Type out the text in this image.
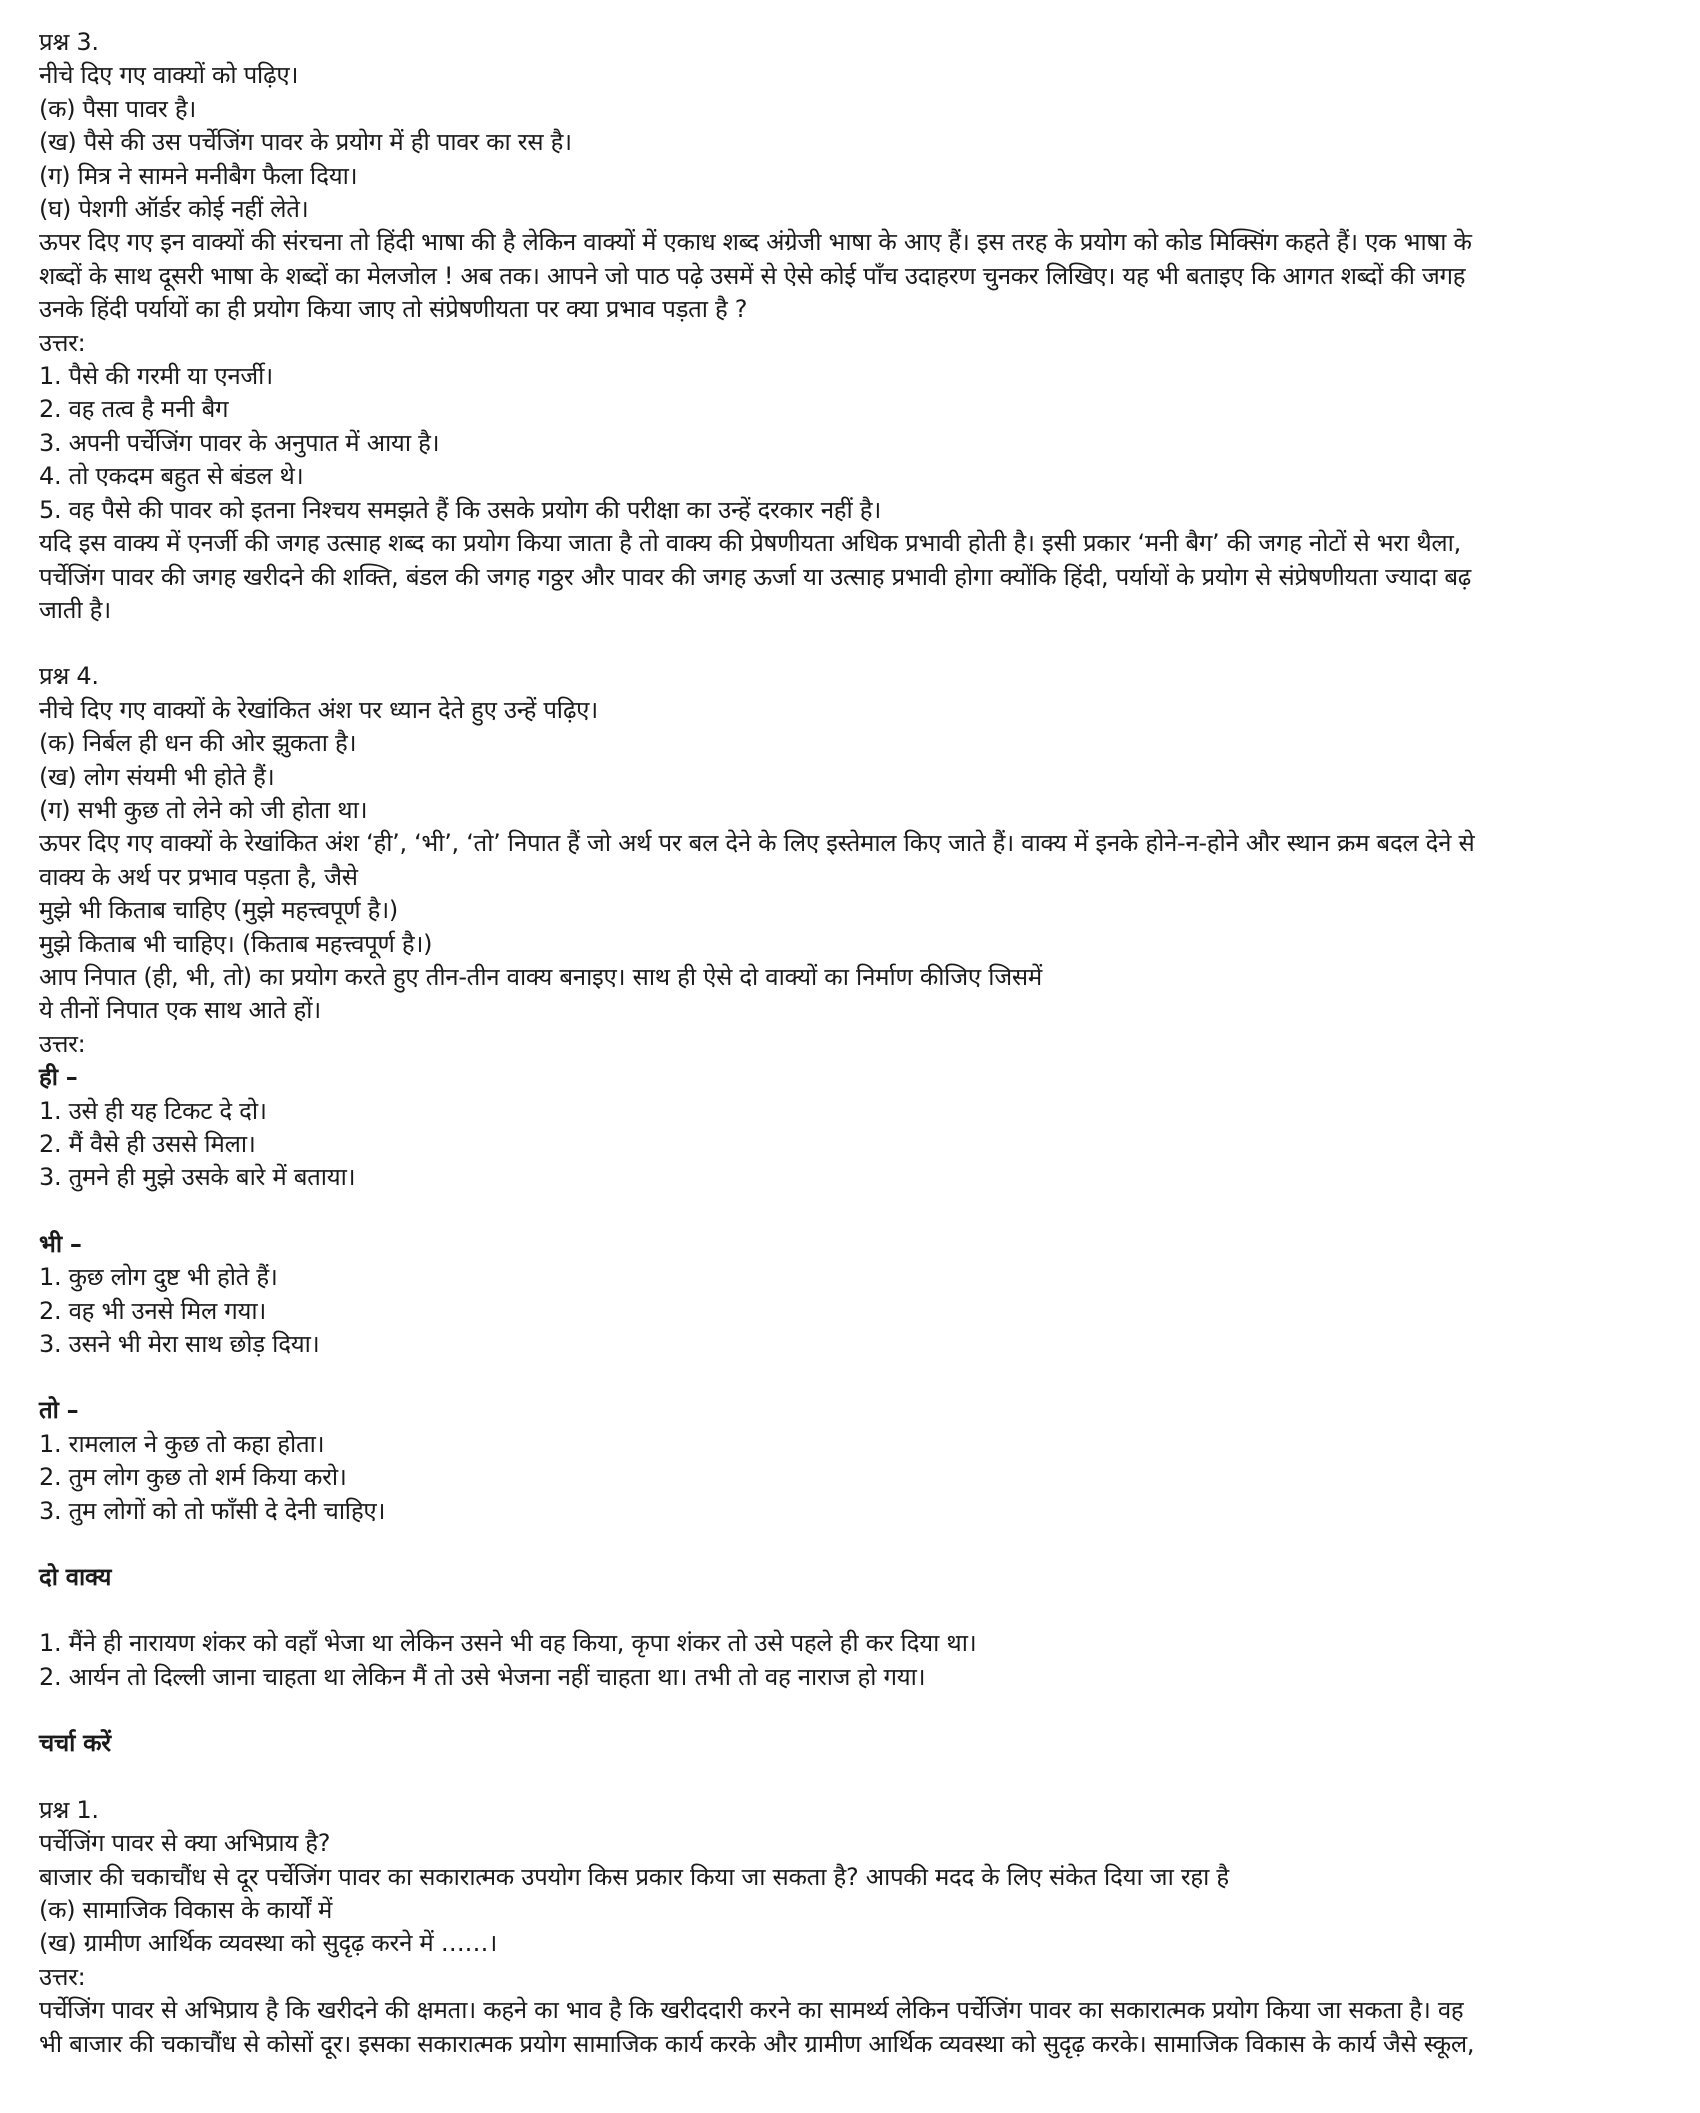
प्रश्न 3.

नीचे दिए गए वाक्यों को पढ़िए।

(क) पैसा पावर है।

(ख) पैसे की उस पर्चेजिंग पावर के प्रयोग में ही पावर का रस है।

(ग) मित्र ने सामने मनीबैग फैला दिया।

(घ) पेशगी ऑर्डर कोई नहीं लेते।

ऊपर दिए गए इन वाक्यों की संरचना तो हिंदी भाषा की है लेकिन वाक्यों में एकाध शब्द अंग्रेजी भाषा के आए हैं। इस तरह के प्रयोग को कोड मिक्सिंग कहते हैं। एक भाषा के

शब्दों के साथ दूसरी भाषा के शब्दों का मेलजोल ! अब तक। आपने जो पाठ पढ़े उसमें से ऐसे कोई पाँच उदाहरण चुनकर लिखिए। यह भी बताइए कि आगत शब्दों की जगह

उनके हिंदी पर्यायों का ही प्रयोग किया जाए तो संप्रेषणीयता पर क्या प्रभाव पड़ता है ?

उत्तर:

1. पैसे की गरमी या एनर्जी।

2. वह तत्व है मनी बैग

3. अपनी पर्चेजिंग पावर के अनुपात में आया है।

4. तो एकदम बहुत से बंडल थे।

5. वह पैसे की पावर को इतना निश्चय समझते हैं कि उसके प्रयोग की परीक्षा का उन्हें दरकार नहीं है।

यदि इस वाक्य में एनर्जी की जगह उत्साह शब्द का प्रयोग किया जाता है तो वाक्य की प्रेषणीयता अधिक प्रभावी होती है। इसी प्रकार ‘मनी बैग’ की जगह नोटों से भरा थैला,

पर्चेजिंग पावर की जगह खरीदने की शक्ति, बंडल की जगह गठ्ठर और पावर की जगह ऊर्जा या उत्साह प्रभावी होगा क्योंकि हिंदी, पर्यायों के प्रयोग से संप्रेषणीयता ज्यादा बढ़

जाती है।

प्रश्न 4.

नीचे दिए गए वाक्यों के रेखांकित अंश पर ध्यान देते हुए उन्हें पढ़िए।

(क) निर्बल ही धन की ओर झुकता है।

(ख) लोग संयमी भी होते हैं।

(ग) सभी कुछ तो लेने को जी होता था।

ऊपर दिए गए वाक्यों के रेखांकित अंश ‘ही’, ‘भी’, ‘तो’ निपात हैं जो अर्थ पर बल देने के लिए इस्तेमाल किए जाते हैं। वाक्य में इनके होने-न-होने और स्थान क्रम बदल देने से

वाक्य के अर्थ पर प्रभाव पड़ता है, जैसे

मुझे भी किताब चाहिए (मुझे महत्त्वपूर्ण है।)

मुझे किताब भी चाहिए। (किताब महत्त्वपूर्ण है।)

आप निपात (ही, भी, तो) का प्रयोग करते हुए तीन-तीन वाक्य बनाइए। साथ ही ऐसे दो वाक्यों का निर्माण कीजिए जिसमें

ये तीनों निपात एक साथ आते हों।

उत्तर:

ही –

1. उसे ही यह टिकट दे दो।

2. मैं वैसे ही उससे मिला।

3. तुमने ही मुझे उसके बारे में बताया।

भी –

1. कुछ लोग दुष्ट भी होते हैं।

2. वह भी उनसे मिल गया।

3. उसने भी मेरा साथ छोड़ दिया।

तो –

1. रामलाल ने कुछ तो कहा होता।

2. तुम लोग कुछ तो शर्म किया करो।

3. तुम लोगों को तो फाँसी दे देनी चाहिए।

दो वाक्य

1. मैंने ही नारायण शंकर को वहाँ भेजा था लेकिन उसने भी वह किया, कृपा शंकर तो उसे पहले ही कर दिया था।

2. आर्यन तो दिल्ली जाना चाहता था लेकिन मैं तो उसे भेजना नहीं चाहता था। तभी तो वह नाराज हो गया।

चर्चा करें

प्रश्न 1.

पर्चेजिंग पावर से क्या अभिप्राय है?

बाजार की चकाचौंध से दूर पर्चेजिंग पावर का सकारात्मक उपयोग किस प्रकार किया जा सकता है? आपकी मदद के लिए संकेत दिया जा रहा है

(क) सामाजिक विकास के कार्यों में

(ख) ग्रामीण आर्थिक व्यवस्था को सुदृढ़ करने में ……।

उत्तर:

पर्चेजिंग पावर से अभिप्राय है कि खरीदने की क्षमता। कहने का भाव है कि खरीददारी करने का सामर्थ्य लेकिन पर्चेजिंग पावर का सकारात्मक प्रयोग किया जा सकता है। वह

भी बाजार की चकाचौंध से कोसों दूर। इसका सकारात्मक प्रयोग सामाजिक कार्य करके और ग्रामीण आर्थिक व्यवस्था को सुदृढ़ करके। सामाजिक विकास के कार्य जैसे स्कूल,
